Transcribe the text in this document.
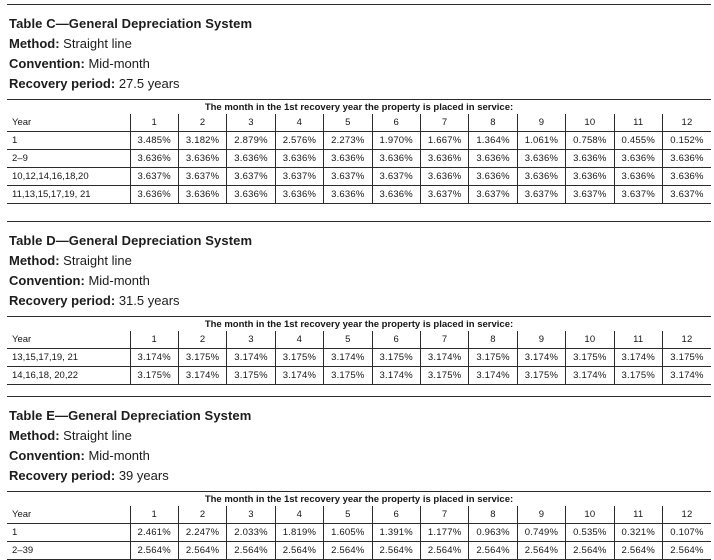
Table C—General Depreciation System
Method: Straight line
Convention: Mid-month
Recovery period: 27.5 years
The month in the 1st recovery year the property is placed in service:												
Year	1	2	3	4	5	6	7	8	9	10	11	12
1	3.485%	3.182%	2.879%	2.576%	2.273%	1.970%	1.667%	1.364%	1.061%	0.758%	0.455%	0.152%
2–9	3.636%	3.636%	3.636%	3.636%	3.636%	3.636%	3.636%	3.636%	3.636%	3.636%	3.636%	3.636%
10,12,14,16,18,20	3.637%	3.637%	3.637%	3.637%	3.637%	3.637%	3.636%	3.636%	3.636%	3.636%	3.636%	3.636%
11,13,15,17,19, 21	3.636%	3.636%	3.636%	3.636%	3.636%	3.636%	3.637%	3.637%	3.637%	3.637%	3.637%	3.637%
Table D—General Depreciation System
Method: Straight line
Convention: Mid-month
Recovery period: 31.5 years
The month in the 1st recovery year the property is placed in service:												
Year	1	2	3	4	5	6	7	8	9	10	11	12
13,15,17,19, 21	3.174%	3.175%	3.174%	3.175%	3.174%	3.175%	3.174%	3.175%	3.174%	3.175%	3.174%	3.175%
14,16,18, 20,22	3.175%	3.174%	3.175%	3.174%	3.175%	3.174%	3.175%	3.174%	3.175%	3.174%	3.175%	3.174%
Table E—General Depreciation System
Method: Straight line
Convention: Mid-month
Recovery period: 39 years
The month in the 1st recovery year the property is placed in service:												
Year	1	2	3	4	5	6	7	8	9	10	11	12
1	2.461%	2.247%	2.033%	1.819%	1.605%	1.391%	1.177%	0.963%	0.749%	0.535%	0.321%	0.107%
2–39	2.564%	2.564%	2.564%	2.564%	2.564%	2.564%	2.564%	2.564%	2.564%	2.564%	2.564%	2.564%
